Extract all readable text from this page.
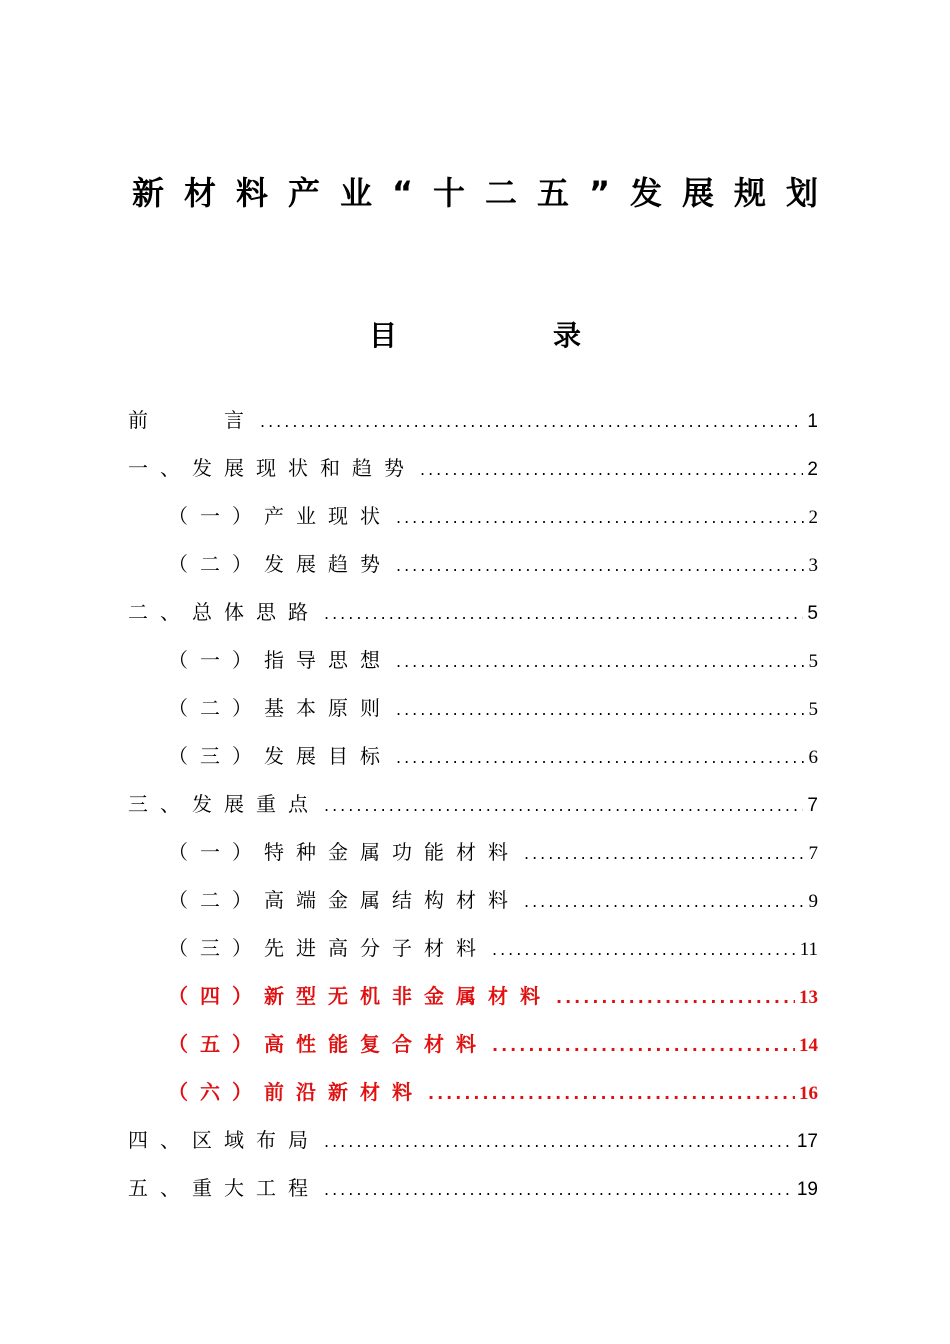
新材料产业“十二五”发展规划
目　录
前　　言 .....	1
一、发展现状和趋势 .....	2
（一）产业现状 .....	2
（二）发展趋势 .....	3
二、总体思路 .....	5
（一）指导思想 .....	5
（二）基本原则 .....	5
（三）发展目标 .....	6
三、发展重点 .....	7
（一）特种金属功能材料 .....	7
（二）高端金属结构材料 .....	9
（三）先进高分子材料 .....	11
（四）新型无机非金属材料 .....	13
（五）高性能复合材料 .....	14
（六）前沿新材料 .....	16
四、区域布局 .....	17
五、重大工程 .....	19
